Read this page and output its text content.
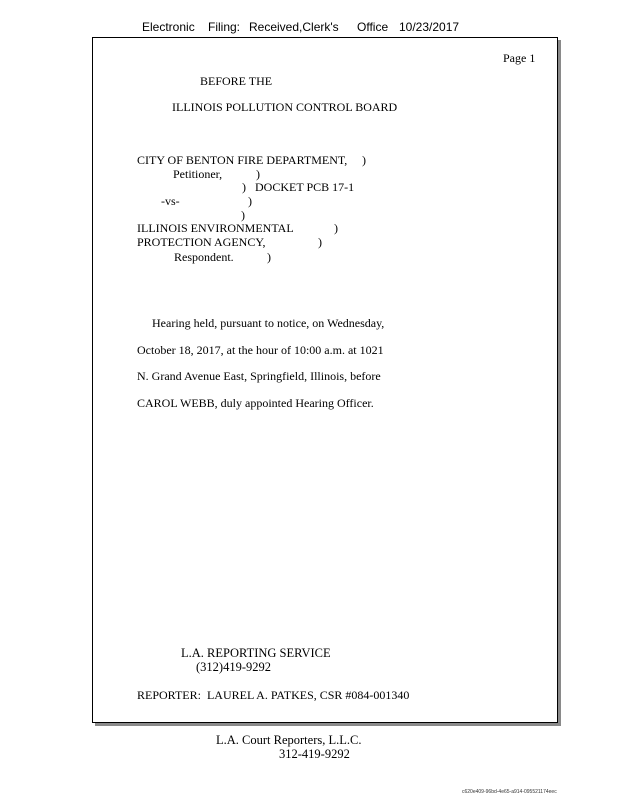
Electronic Filing: Received,Clerk's Office 10/23/2017
Page 1
BEFORE THE
ILLINOIS POLLUTION CONTROL BOARD
CITY OF BENTON FIRE DEPARTMENT, )
Petitioner,	)
) DOCKET PCB 17-1
-vs-	)
)
ILLINOIS ENVIRONMENTAL	)
PROTECTION AGENCY,	)
Respondent.	)
Hearing held, pursuant to notice, on Wednesday,
October 18, 2017, at the hour of 10:00 a.m. at 1021
N. Grand Avenue East, Springfield, Illinois, before
CAROL WEBB, duly appointed Hearing Officer.
L.A. REPORTING SERVICE
(312)419-9292
REPORTER:  LAUREL A. PATKES, CSR #084-001340
L.A. Court Reporters, L.L.C.
312-419-9292
c620e409-96bd-4e65-a914-095521174eec
